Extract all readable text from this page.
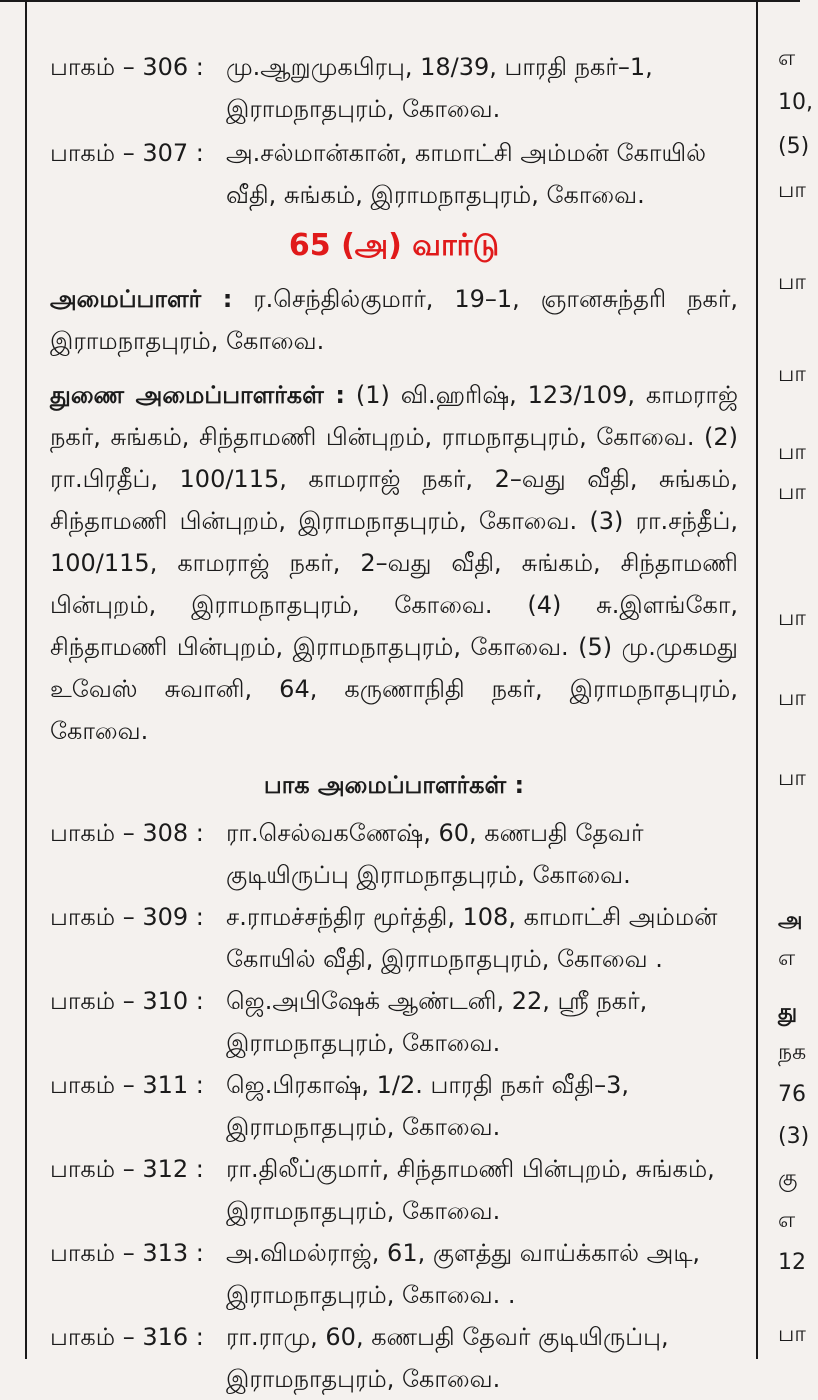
பாகம் – 306 : மு.ஆறுமுகபிரபு, 18/39, பாரதி நகர்–1, இராமநாதபுரம், கோவை.
பாகம் – 307 : அ.சல்மான்கான், காமாட்சி அம்மன் கோயில் வீதி, சுங்கம், இராமநாதபுரம், கோவை.
65 (அ) வார்டு
அமைப்பாளர் : ர.செந்தில்குமார், 19–1, ஞானசுந்தரி நகர், இராமநாதபுரம், கோவை.
துணை அமைப்பாளர்கள் : (1) வி.ஹரிஷ், 123/109, காமராஜ் நகர், சுங்கம், சிந்தாமணி பின்புறம், ராமநாதபுரம், கோவை. (2) ரா.பிரதீப், 100/115, காமராஜ் நகர், 2–வது வீதி, சுங்கம், சிந்தாமணி பின்புறம், இராமநாதபுரம், கோவை. (3) ரா.சந்தீப், 100/115, காமராஜ் நகர், 2–வது வீதி, சுங்கம், சிந்தாமணி பின்புறம், இராமநாதபுரம், கோவை. (4) சு.இளங்கோ, சிந்தாமணி பின்புறம், இராமநாதபுரம், கோவை. (5) மு.முகமது உவேஸ் சுவானி, 64, கருணாநிதி நகர், இராமநாதபுரம், கோவை.
பாக அமைப்பாளர்கள் :
பாகம் – 308 : ரா.செல்வகணேஷ், 60, கணபதி தேவர் குடியிருப்பு இராமநாதபுரம், கோவை.
பாகம் – 309 : ச.ராமச்சந்திர மூர்த்தி, 108, காமாட்சி அம்மன் கோயில் வீதி, இராமநாதபுரம், கோவை .
பாகம் – 310 : ஜெ.அபிஷேக் ஆண்டனி, 22, ஸ்ரீ நகர், இராமநாதபுரம், கோவை.
பாகம் – 311 : ஜெ.பிரகாஷ், 1/2. பாரதி நகர் வீதி–3, இராமநாதபுரம், கோவை.
பாகம் – 312 : ரா.திலீப்குமார், சிந்தாமணி பின்புறம், சுங்கம், இராமநாதபுரம், கோவை.
பாகம் – 313 : அ.விமல்ராஜ், 61, குளத்து வாய்க்கால் அடி, இராமநாதபுரம், கோவை. .
பாகம் – 316 : ரா.ராமு, 60, கணபதி தேவர் குடியிருப்பு, இராமநாதபுரம், கோவை.
எ
10,
(5)
பா
பா
பா
பா
பா
பா
பா
பா
அ
எ
து
நக
76
(3)
கு
எ
12
பா
